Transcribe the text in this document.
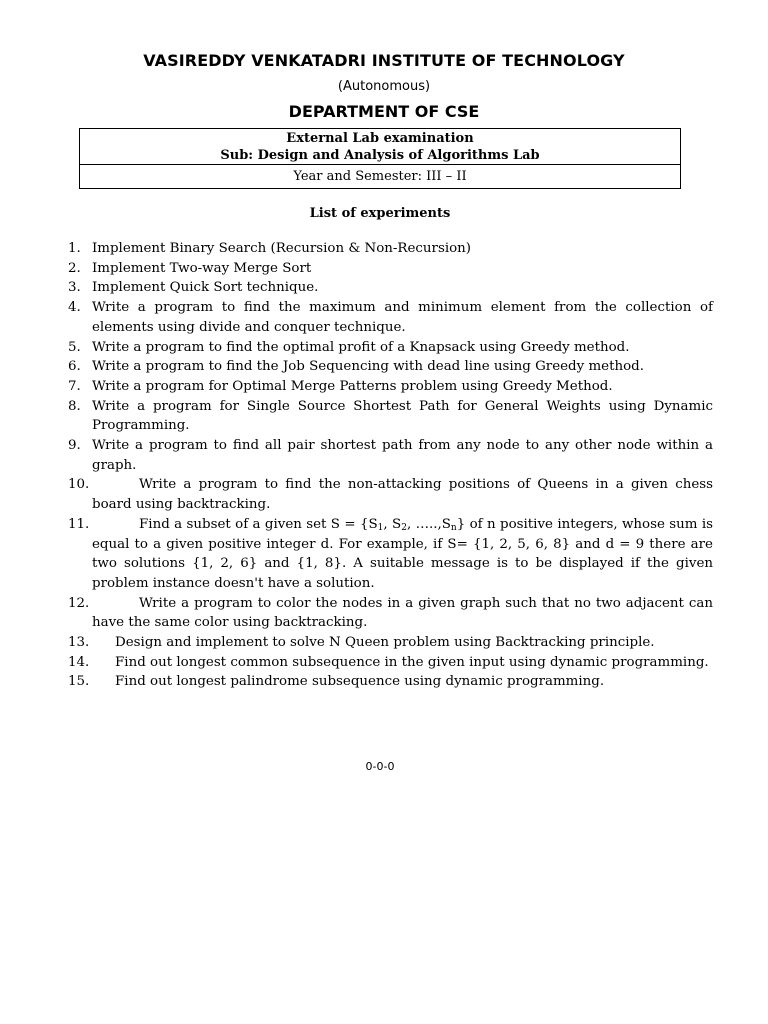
VASIREDDY VENKATADRI INSTITUTE OF TECHNOLOGY
(Autonomous)
DEPARTMENT OF CSE
External Lab examination
Sub: Design and Analysis of Algorithms Lab
Year and Semester: III – II
List of experiments
1. Implement Binary Search (Recursion & Non-Recursion)
2. Implement Two-way Merge Sort
3. Implement Quick Sort technique.
4. Write a program to find the maximum and minimum element from the collection of elements using divide and conquer technique.
5. Write a program to find the optimal profit of a Knapsack using Greedy method.
6. Write a program to find the Job Sequencing with dead line using Greedy method.
7. Write a program for Optimal Merge Patterns problem using Greedy Method.
8. Write a program for Single Source Shortest Path for General Weights using Dynamic Programming.
9. Write a program to find all pair shortest path from any node to any other node within a graph.
10.	Write a program to find the non-attacking positions of Queens in a given chess board using backtracking.
11.	Find a subset of a given set $S = \{S_1$, $S_2$, $\dots..,S_n$} of n positive integers, whose sum is equal to a given positive integer d. For example, if S= {1, 2, 5, 6, 8} and d = 9 there are two solutions {1, 2, 6} and {1, 8}. A suitable message is to be displayed if the given problem instance doesn't have a solution.
12.	Write a program to color the nodes in a given graph such that no two adjacent can have the same color using backtracking.
13. Design and implement to solve N Queen problem using Backtracking principle.
14. Find out longest common subsequence in the given input using dynamic programming.
15. Find out longest palindrome subsequence using dynamic programming.
0-0-0
